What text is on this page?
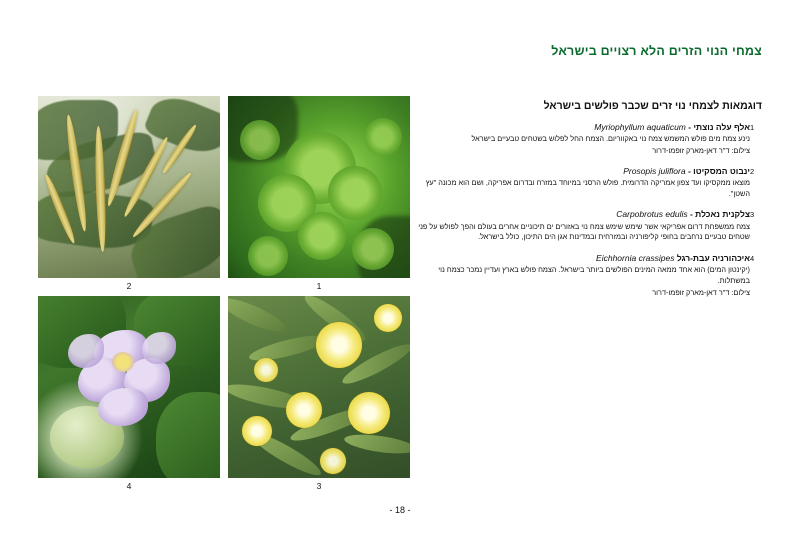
צמחי הנוי הזרים הלא רצויים בישראל
2	1
4	3
דוגמאות לצמחי נוי זרים שכבר פולשים בישראל
1
אלף עלה נוצתי - Myriophyllum aquaticum
נינע צמח מים פולש המשמש צמח נוי באקווריום. הצמח החל לפלוש בשטחים טבעיים בישראל
צילום: ד"ר דאן-מארק זופמו-דרור
2
ינבוט המסקיטו - Prosopis juliflora
מוצאו ממקסיקו ועד צפון אמריקה הדרומית. פולש הרסני במיוחד במזרח ובדרום אפריקה, ושם הוא מכונה "עץ השטן".
3
צלקנית נאכלת - Carpobrotus edulis
צמח ממשפחת דרום אפריקאי אשר שימש שימש צמח נוי באזורים ים תיכוניים אחרים בעולם והפך לפולש על פני שטחים טבעיים נרחבים בחופי קליפורניה ובמזרחית ובמדינות אגן הים התיכון, כולל בישראל.
4
איכהורניה עבת-רגל Eichhornia crassipes
(יקינטון המים) הוא אחד ממאה המינים הפולשים ביותר בישראל. הצמח פולש בארץ ועדיין נמכר כצמח נוי במשתלות.
צילום: ד"ר דאן-מארק זופמו-דרור
- 18 -
